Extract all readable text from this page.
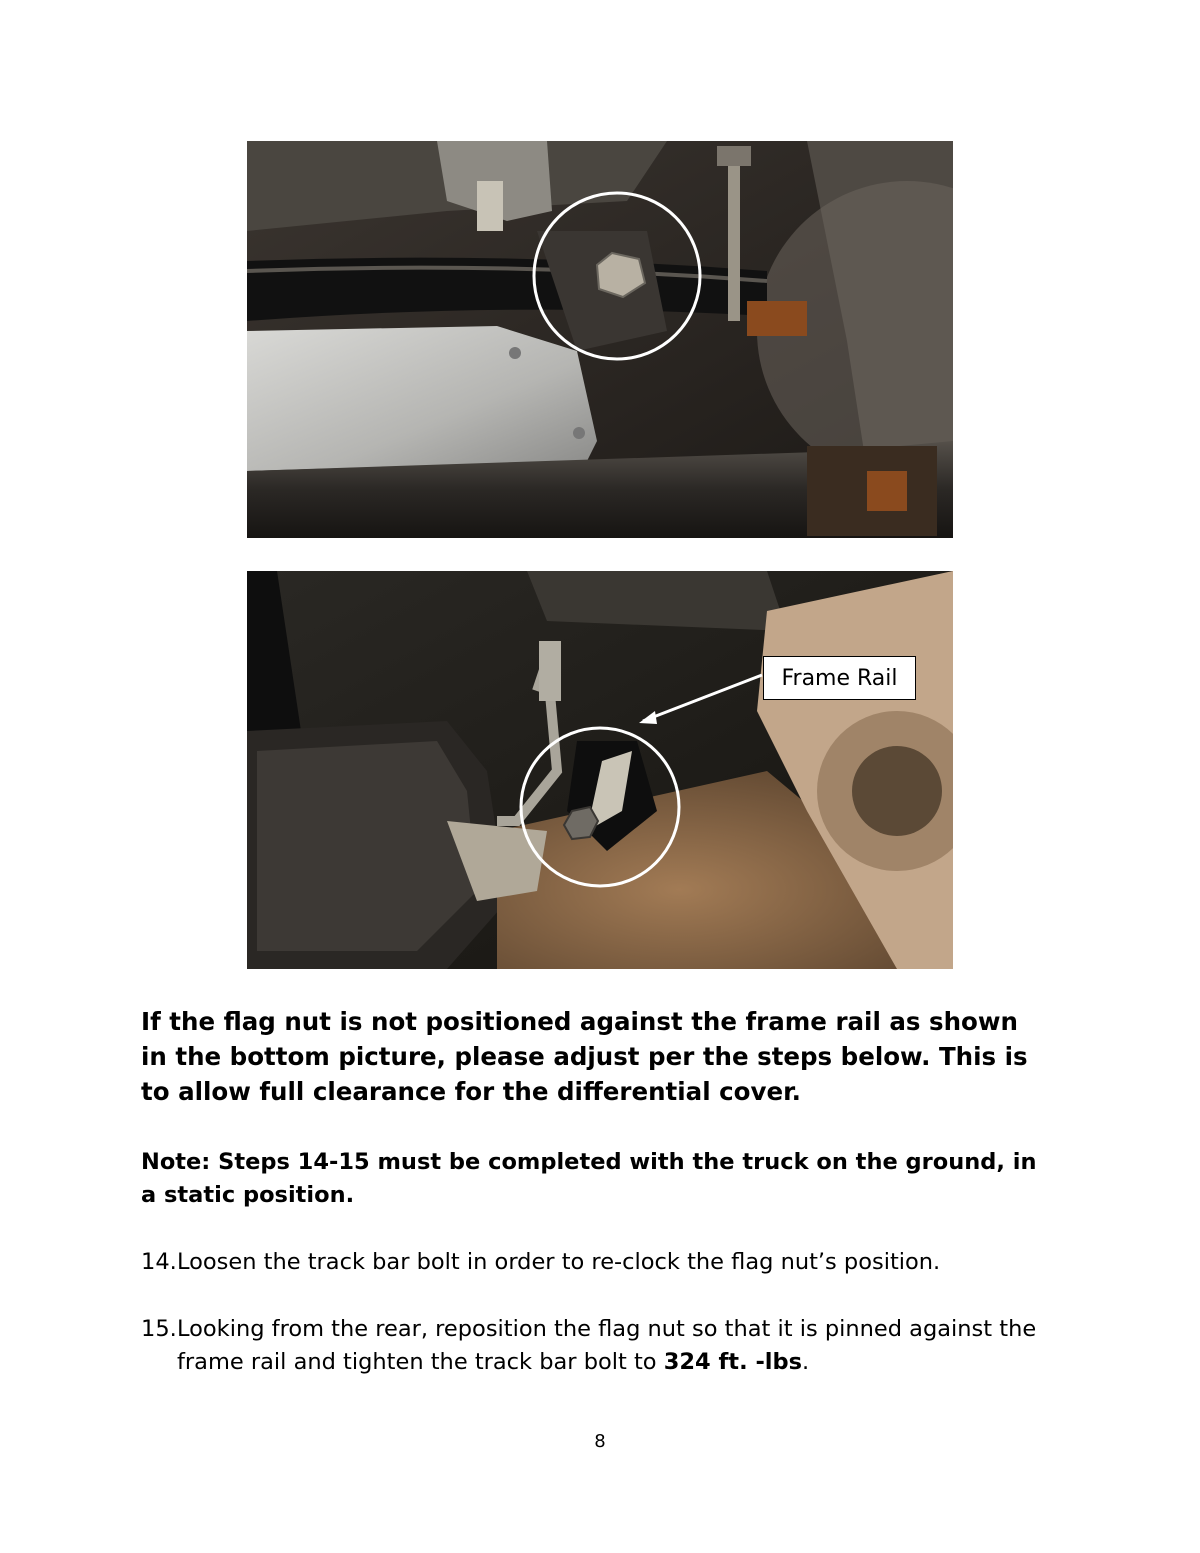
Frame Rail

If the flag nut is not positioned against the frame rail as shown in the bottom picture, please adjust per the steps below. This is to allow full clearance for the differential cover.

Note: Steps 14-15 must be completed with the truck on the ground, in a static position.

14. Loosen the track bar bolt in order to re-clock the flag nut’s position.
15. Looking from the rear, reposition the flag nut so that it is pinned against the frame rail and tighten the track bar bolt to 324 ft. -lbs.
8
